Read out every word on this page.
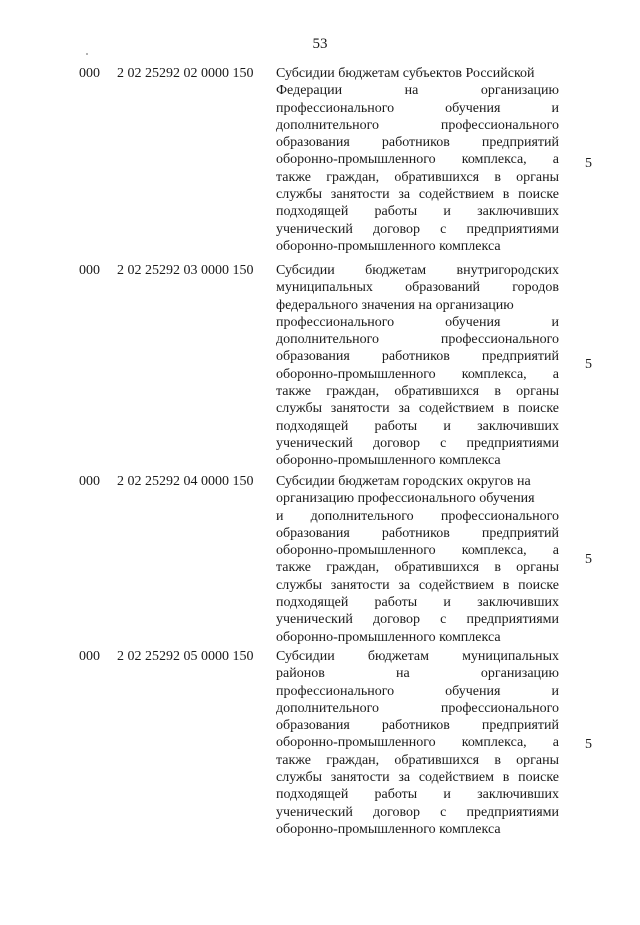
53
000 2 02 25292 02 0000 150 Субсидии бюджетам субъектов Российской
Федерации на организацию
профессионального обучения и
дополнительного профессионального
образования работников предприятий
оборонно-промышленного комплекса, а
также граждан, обратившихся в органы
службы занятости за содействием в поиске
подходящей работы и заключивших
ученический договор с предприятиями
оборонно-промышленного комплекса
5
000 2 02 25292 03 0000 150 Субсидии бюджетам внутригородских
муниципальных образований городов
федерального значения на организацию
профессионального обучения и
дополнительного профессионального
образования работников предприятий
оборонно-промышленного комплекса, а
также граждан, обратившихся в органы
службы занятости за содействием в поиске
подходящей работы и заключивших
ученический договор с предприятиями
оборонно-промышленного комплекса
5
000 2 02 25292 04 0000 150 Субсидии бюджетам городских округов на
организацию профессионального обучения
и дополнительного профессионального
образования работников предприятий
оборонно-промышленного комплекса, а
также граждан, обратившихся в органы
службы занятости за содействием в поиске
подходящей работы и заключивших
ученический договор с предприятиями
оборонно-промышленного комплекса
5
000 2 02 25292 05 0000 150 Субсидии бюджетам муниципальных
районов на организацию
профессионального обучения и
дополнительного профессионального
образования работников предприятий
оборонно-промышленного комплекса, а
также граждан, обратившихся в органы
службы занятости за содействием в поиске
подходящей работы и заключивших
ученический договор с предприятиями
оборонно-промышленного комплекса
5
